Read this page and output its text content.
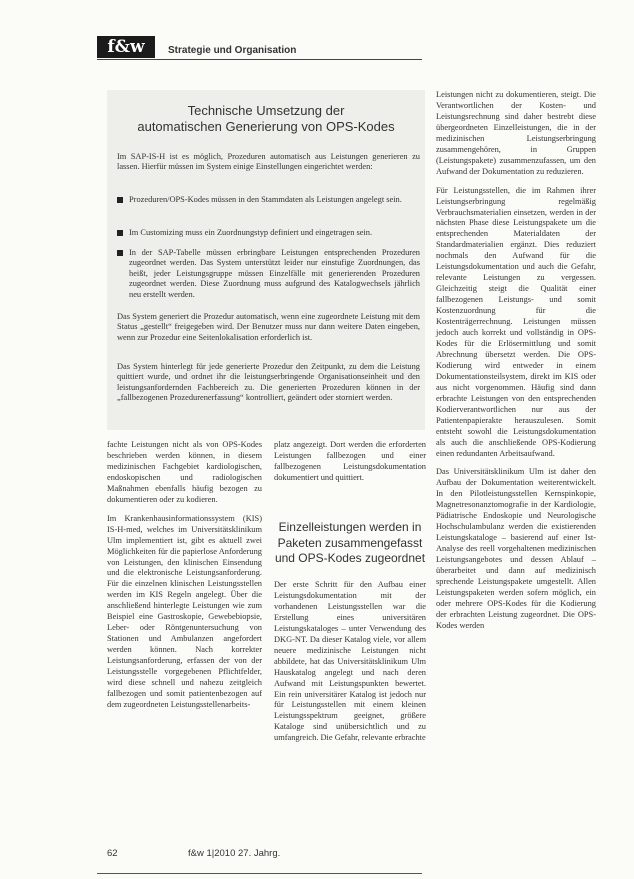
f&w	Strategie und Organisation
Technische Umsetzung der
automatischen Generierung von OPS-Kodes
Im SAP-IS-H ist es möglich, Prozeduren automatisch aus Leistungen generieren zu lassen. Hierfür müssen im System einige Einstellungen eingerichtet werden:
Prozeduren/OPS-Kodes müssen in den Stammdaten als Leistungen angelegt sein.
Im Customizing muss ein Zuordnungstyp definiert und eingetragen sein.
In der SAP-Tabelle müssen erbringbare Leistungen entsprechenden Prozeduren zugeordnet werden. Das System unterstützt leider nur einstufige Zuordnungen, das heißt, jeder Leistungsgruppe müssen Einzelfälle mit generierenden Prozeduren zugeordnet werden. Diese Zuordnung muss aufgrund des Katalogwechsels jährlich neu erstellt werden.
Das System generiert die Prozedur automatisch, wenn eine zugeordnete Leistung mit dem Status „gestellt“ freigegeben wird. Der Benutzer muss nur dann weitere Daten eingeben, wenn zur Prozedur eine Seitenlokalisation erforderlich ist.
Das System hinterlegt für jede generierte Prozedur den Zeitpunkt, zu dem die Leistung quittiert wurde, und ordnet ihr die leistungserbringende Organisationseinheit und den leistungsanfordernden Fachbereich zu. Die generierten Prozeduren können in der „fallbezogenen Prozedurenerfassung“ kontrolliert, geändert oder storniert werden.

fachte Leistungen nicht als von OPS-Kodes beschrieben werden können, in diesem medizinischen Fachgebiet kardiologischen, endoskopischen und radiologischen Maßnahmen ebenfalls häufig bezogen zu dokumentieren oder zu kodieren.

Im Krankenhausinformationssystem (KIS) IS-H-med, welches im Universitätsklinikum Ulm implementiert ist, gibt es aktuell zwei Möglichkeiten für die papierlose Anforderung von Leistungen, den klinischen Einsendung und die elektronische Leistungsanforderung. Für die einzelnen klinischen Leistungsstellen werden im KIS Regeln angelegt. Über die anschließend hinterlegte Leistungen wie zum Beispiel eine Gastroskopie, Gewebebiopsie, Leber- oder Röntgenuntersuchung von Stationen und Ambulanzen angefordert werden können. Nach korrekter Leistungsanforderung, erfassen der von der Leistungsstelle vorgegebenen Pflichtfelder, wird diese schnell und nahezu zeitgleich fallbezogen und somit patientenbezogen auf dem zugeordneten Leistungsstellenarbeits-

platz angezeigt. Dort werden die erforderten Leistungen fallbezogen und einer fallbezogenen Leistungsdokumentation dokumentiert und quittiert.

Einzelleistungen werden in Paketen zusammengefasst und OPS-Kodes zugeordnet

Der erste Schritt für den Aufbau einer Leistungsdokumentation mit der vorhandenen Leistungsstellen war die Erstellung eines universitären Leistungskataloges – unter Verwendung des DKG-NT. Da dieser Katalog viele, vor allem neuere medizinische Leistungen nicht abbildete, hat das Universitätsklinikum Ulm Hauskatalog angelegt und nach deren Aufwand mit Leistungspunkten bewertet. Ein rein universitärer Katalog ist jedoch nur für Leistungsstellen mit einem kleinen Leistungsspektrum geeignet, größere Kataloge sind unübersichtlich und zu umfangreich. Die Gefahr, relevante erbrachte

Leistungen nicht zu dokumentieren, steigt. Die Verantwortlichen der Kosten- und Leistungsrechnung sind daher bestrebt diese übergeordneten Einzelleistungen, die in der medizinischen Leistungserbringung zusammengehören, in Gruppen (Leistungspakete) zusammenzufassen, um den Aufwand der Dokumentation zu reduzieren.

Für Leistungsstellen, die im Rahmen ihrer Leistungserbringung regelmäßig Verbrauchsmaterialien einsetzen, werden in der nächsten Phase diese Leistungspakete um die entsprechenden Materialdaten der Standardmaterialien ergänzt. Dies reduziert nochmals den Aufwand für die Leistungsdokumentation und auch die Gefahr, relevante Leistungen zu vergessen. Gleichzeitig steigt die Qualität einer fallbezogenen Leistungs- und somit Kostenzuordnung für die Kostenträgerrechnung. Leistungen müssen jedoch auch korrekt und vollständig in OPS-Kodes für die Erlösermittlung und somit Abrechnung übersetzt werden. Die OPS-Kodierung wird entweder in einem Dokumentationsteilsystem, direkt im KIS oder aus nicht vorgenommen. Häufig sind dann erbrachte Leistungen von den entsprechenden Kodierverantwortlichen nur aus der Patientenpapierakte herauszulesen. Somit entsteht sowohl die Leistungsdokumentation als auch die anschließende OPS-Kodierung einen redundanten Arbeitsaufwand.

Das Universitätsklinikum Ulm ist daher den Aufbau der Dokumentation weiterentwickelt. In den Pilotleistungsstellen Kernspinkopie, Magnetresonanztomografie in der Kardiologie, Pädiatrische Endoskopie und Neurologische Hochschulambulanz werden die existierenden Leistungskataloge – basierend auf einer Ist-Analyse des reell vorgehaltenen medizinischen Leistungsangebotes und dessen Ablauf – überarbeitet und dann auf medizinisch sprechende Leistungspakete umgestellt. Allen Leistungspaketen werden sofern möglich, ein oder mehrere OPS-Kodes für die Kodierung der erbrachten Leistung zugeordnet. Die OPS-Kodes werden

62	f&w 1|2010 27. Jahrg.
